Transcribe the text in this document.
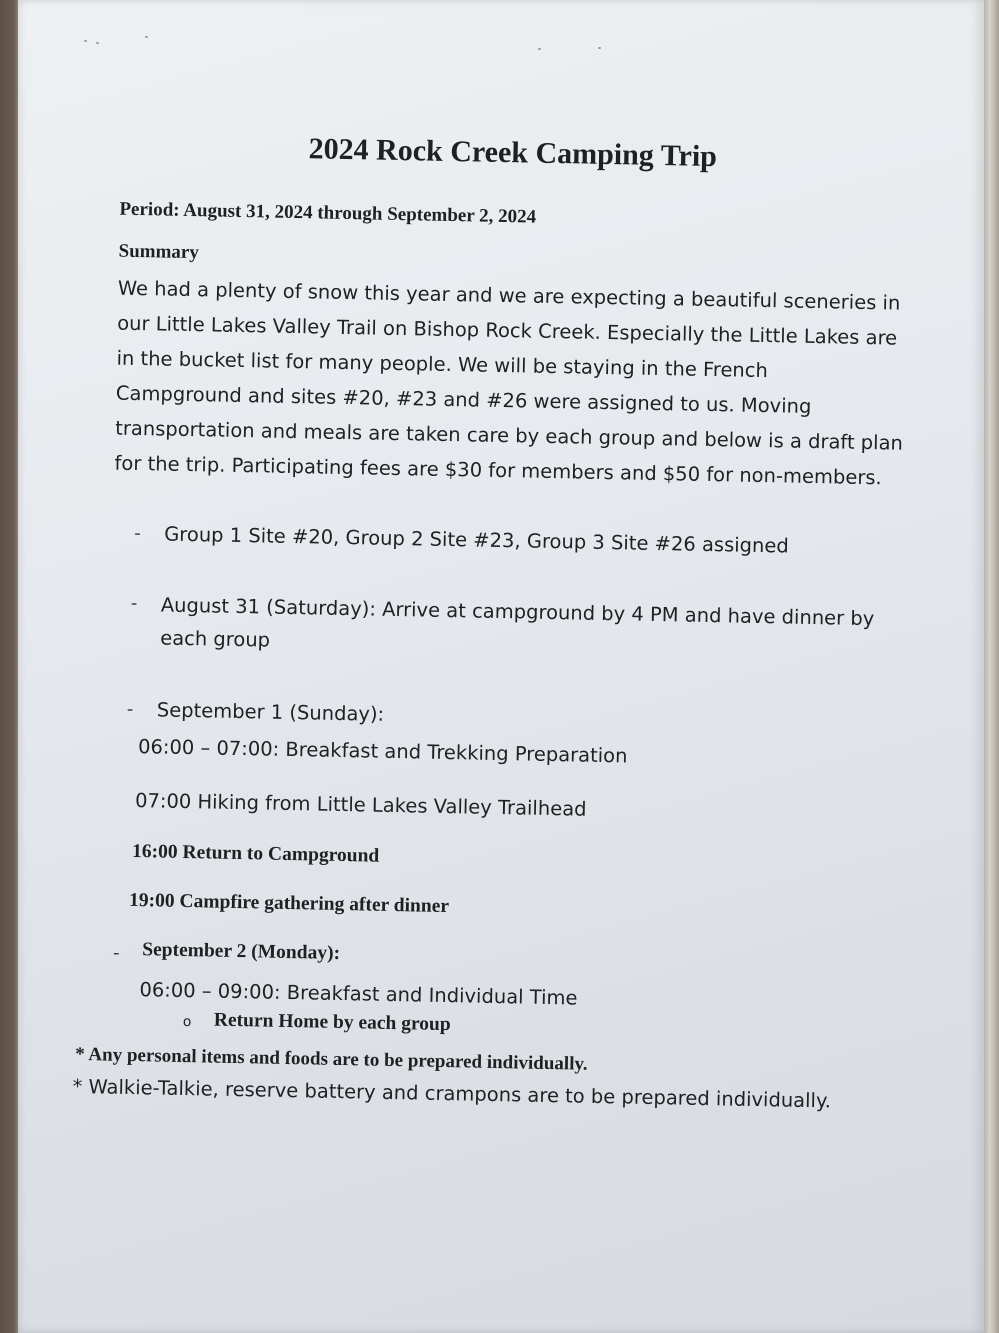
2024 Rock Creek Camping Trip
Period: August 31, 2024 through September 2, 2024
Summary
We had a plenty of snow this year and we are expecting a beautiful sceneries in
our Little Lakes Valley Trail on Bishop Rock Creek. Especially the Little Lakes are
in the bucket list for many people. We will be staying in the French
Campground and sites #20, #23 and #26 were assigned to us. Moving
transportation and meals are taken care by each group and below is a draft plan
for the trip. Participating fees are $30 for members and $50 for non-members.
- Group 1 Site #20, Group 2 Site #23, Group 3 Site #26 assigned
- August 31 (Saturday): Arrive at campground by 4 PM and have dinner by
each group
- September 1 (Sunday):
06:00 – 07:00: Breakfast and Trekking Preparation
07:00 Hiking from Little Lakes Valley Trailhead
16:00 Return to Campground
19:00 Campfire gathering after dinner
- September 2 (Monday):
06:00 – 09:00: Breakfast and Individual Time
o Return Home by each group
* Any personal items and foods are to be prepared individually.
* Walkie-Talkie, reserve battery and crampons are to be prepared individually.
